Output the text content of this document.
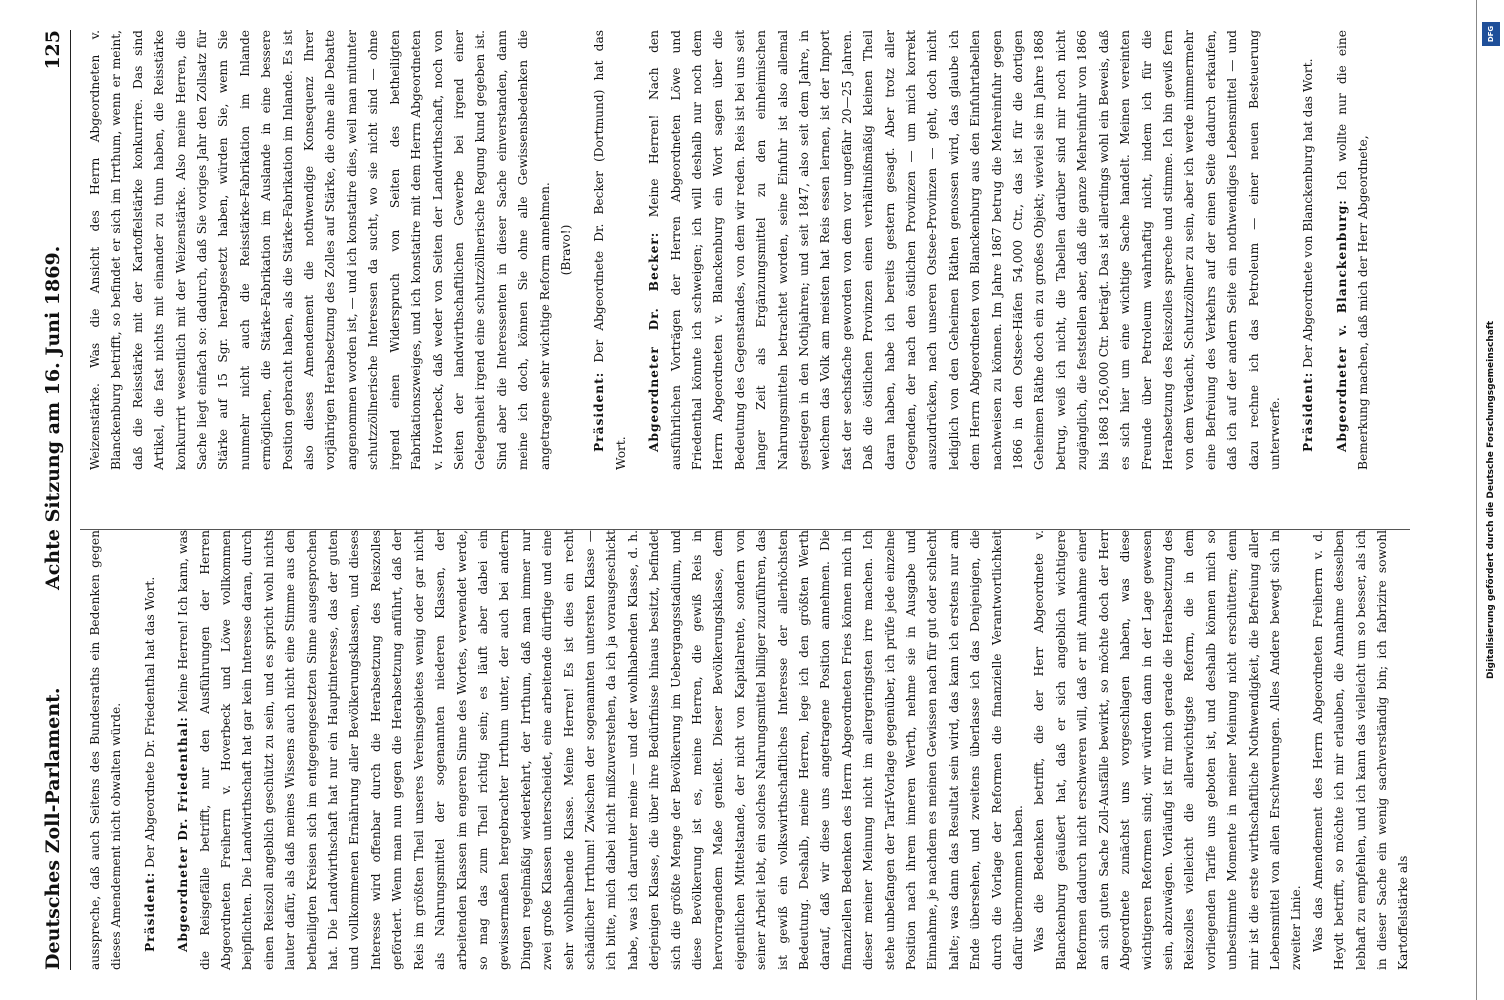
Deutsches Zoll-Parlament.
Achte Sitzung am 16. Juni 1869.
125

ausspreche, daß auch Seitens des Bundesraths ein Bedenken gegen dieses Amendement nicht obwalten würde.	Präsident: Der Abgeordnete Dr. Friedenthal hat das Wort.	Abgeordneter Dr. Friedenthal: Meine Herren! Ich kann, was die Reisgefälle betrifft, nur den Ausführungen der Herren Abgeordneten Freiherrn v. Hoverbeck und Löwe vollkommen beipflichten. Die Landwirthschaft hat gar kein Interesse daran, durch einen Reiszoll angeblich geschützt zu sein, und es spricht wohl nichts lauter dafür, als daß meines Wissens auch nicht eine Stimme aus den betheiligten Kreisen sich im entgegengesetzten Sinne ausgesprochen hat. Die Landwirthschaft hat nur ein Hauptinteresse, das der guten und vollkommenen Ernährung aller Bevölkerungsklassen, und dieses Interesse wird offenbar durch die Herabsetzung des Reiszolles gefördert. Wenn man nun gegen die Herabsetzung anführt, daß der Reis im größten Theil unseres Vereinsgebietes wenig oder gar nicht als Nahrungsmittel der sogenannten niederen Klassen, der arbeitenden Klassen im engeren Sinne des Wortes, verwendet werde, so mag das zum Theil richtig sein; es läuft aber dabei ein gewissermaßen hergebrachter Irrthum unter, der auch bei andern Dingen regelmäßig wiederkehrt, der Irrthum, daß man immer nur zwei große Klassen unterscheidet, eine arbeitende dürftige und eine sehr wohlhabende Klasse. Meine Herren! Es ist dies ein recht schädlicher Irrthum! Zwischen der sogenannten untersten Klasse — ich bitte, mich dabei nicht mißzuverstehen, da ich ja vorausgeschickt habe, was ich darunter meine — und der wohlhabenden Klasse, d. h. derjenigen Klasse, die über ihre Bedürfnisse hinaus besitzt, befindet sich die größte Menge der Bevölkerung im Uebergangsstadium, und diese Bevölkerung ist es, meine Herren, die gewiß Reis in hervorragendem Maße genießt. Dieser Bevölkerungsklasse, dem eigentlichen Mittelstande, der nicht von Kapitalrente, sondern von seiner Arbeit lebt, ein solches Nahrungsmittel billiger zuzuführen, das ist gewiß ein volkswirthschaftliches Interesse der allerhöchsten Bedeutung. Deshalb, meine Herren, lege ich den größten Werth darauf, daß wir diese uns angetragene Position annehmen. Die finanziellen Bedenken des Herrn Abgeordneten Fries können mich in dieser meiner Meinung nicht im allergeringsten irre machen. Ich stehe unbefangen der Tarif-Vorlage gegenüber, ich prüfe jede einzelne Position nach ihrem inneren Werth, nehme sie in Ausgabe und Einnahme, je nachdem es meinen Gewissen nach für gut oder schlecht halte; was dann das Resultat sein wird, das kann ich erstens nur am Ende übersehen, und zweitens überlasse ich das Denjenigen, die durch die Vorlage der Reformen die finanzielle Verantwortlichkeit dafür übernommen haben. Was die Bedenken betrifft, die der Herr Abgeordnete v. Blanckenburg geäußert hat, daß er sich angeblich wichtigere Reformen dadurch nicht erschweren will, daß er mit Annahme einer an sich guten Sache Zoll-Ausfälle bewirkt, so möchte doch der Herr Abgeordnete zunächst uns vorgeschlagen haben, was diese wichtigeren Reformen sind; wir würden dann in der Lage gewesen sein, abzuwägen. Vorläufig ist für mich gerade die Herabsetzung des Reiszolles vielleicht die allerwichtigste Reform, die in dem vorliegenden Tarife uns geboten ist, und deshalb können mich so unbestimmte Momente in meiner Meinung nicht erschüttern; denn mir ist die erste wirthschaftliche Nothwendigkeit, die Befreiung aller Lebensmittel von allen Erschwerungen. Alles Andere bewegt sich in zweiter Linie. Was das Amendement des Herrn Abgeordneten Freiherrn v. d. Heydt betrifft, so möchte ich mir erlauben, die Annahme desselben lebhaft zu empfehlen, und ich kann das vielleicht um so besser, als ich in dieser Sache ein wenig sachverständig bin; ich fabrizire sowohl Kartoffelstärke als

Weizenstärke. Was die Ansicht des Herrn Abgeordneten v. Blanckenburg betrifft, so befindet er sich im Irrthum, wenn er meint, daß die Reisstärke mit der Kartoffelstärke konkurrire. Das sind Artikel, die fast nichts mit einander zu thun haben, die Reisstärke konkurrirt wesentlich mit der Weizenstärke. Also meine Herren, die Sache liegt einfach so: dadurch, daß Sie voriges Jahr den Zollsatz für Stärke auf 15 Sgr. herabgesetzt haben, würden Sie, wenn Sie nunmehr nicht auch die Reisstärke-Fabrikation im Inlande ermöglichen, die Stärke-Fabrikation im Auslande in eine bessere Position gebracht haben, als die Stärke-Fabrikation im Inlande. Es ist also dieses Amendement die nothwendige Konsequenz Ihrer vorjährigen Herabsetzung des Zolles auf Stärke, die ohne alle Debatte angenommen worden ist, — und ich konstatire dies, weil man mitunter schutzzöllnerische Interessen da sucht, wo sie nicht sind — ohne irgend einen Widerspruch von Seiten des betheiligten Fabrikationszweiges, und ich konstatire mit dem Herrn Abgeordneten v. Hoverbeck, daß weder von Seiten der Landwirthschaft, noch von Seiten der landwirthschaftlichen Gewerbe bei irgend einer Gelegenheit irgend eine schutzzöllnerische Regung kund gegeben ist. Sind aber die Interessenten in dieser Sache einverstanden, dann meine ich doch, können Sie ohne alle Gewissensbedenken die angetragene sehr wichtige Reform annehmen. (Bravo!)

Präsident: Der Abgeordnete Dr. Becker (Dortmund) hat das Wort.

Abgeordneter Dr. Becker: Meine Herren! Nach den ausführlichen Vorträgen der Herren Abgeordneten Löwe und Friedenthal könnte ich schweigen; ich will deshalb nur noch dem Herrn Abgeordneten v. Blanckenburg ein Wort sagen über die Bedeutung des Gegenstandes, von dem wir reden. Reis ist bei uns seit langer Zeit als Ergänzungsmittel zu den einheimischen Nahrungsmitteln betrachtet worden, seine Einfuhr ist also allemal gestiegen in den Nothjahren; und seit 1847, also seit dem Jahre, in welchem das Volk am meisten hat Reis essen lernen, ist der Import fast der sechsfache geworden von dem vor ungefähr 20—25 Jahren. Daß die östlichen Provinzen einen verhältnißmäßig kleinen Theil daran haben, habe ich bereits gestern gesagt. Aber trotz aller Gegenden, der nach den östlichen Provinzen — um mich korrekt auszudrücken, nach unseren Ostsee-Provinzen — geht, doch nicht lediglich von den Geheimen Räthen genossen wird, das glaube ich dem Herrn Abgeordneten von Blanckenburg aus den Einfuhrtabellen nachweisen zu können. Im Jahre 1867 betrug die Mehreinfuhr gegen 1866 in den Ostsee-Häfen 54,000 Ctr., das ist für die dortigen Geheimen Räthe doch ein zu großes Objekt; wieviel sie im Jahre 1868 betrug, weiß ich nicht, die Tabellen darüber sind mir noch nicht zugänglich, die feststellen aber, daß die ganze Mehreinfuhr von 1866 bis 1868 126,000 Ctr. beträgt. Das ist allerdings wohl ein Beweis, daß es sich hier um eine wichtige Sache handelt. Meinen vereinten Freunde über Petroleum wahrhaftig nicht, indem ich für die Herabsetzung des Reiszolles spreche und stimme. Ich bin gewiß fern von dem Verdacht, Schutzzöllner zu sein, aber ich werde nimmermehr eine Befreiung des Verkehrs auf der einen Seite dadurch erkaufen, daß ich auf der andern Seite ein nothwendiges Lebensmittel — und dazu rechne ich das Petroleum — einer neuen Besteuerung unterwerfe.	Präsident: Der Abgeordnete von Blanckenburg hat das Wort.	Abgeordneter v. Blanckenburg: Ich wollte nur die eine Bemerkung machen, daß mich der Herr Abgeordnete,

Digitalisierung gefördert durch die Deutsche Forschungsgemeinschaft
DFG
